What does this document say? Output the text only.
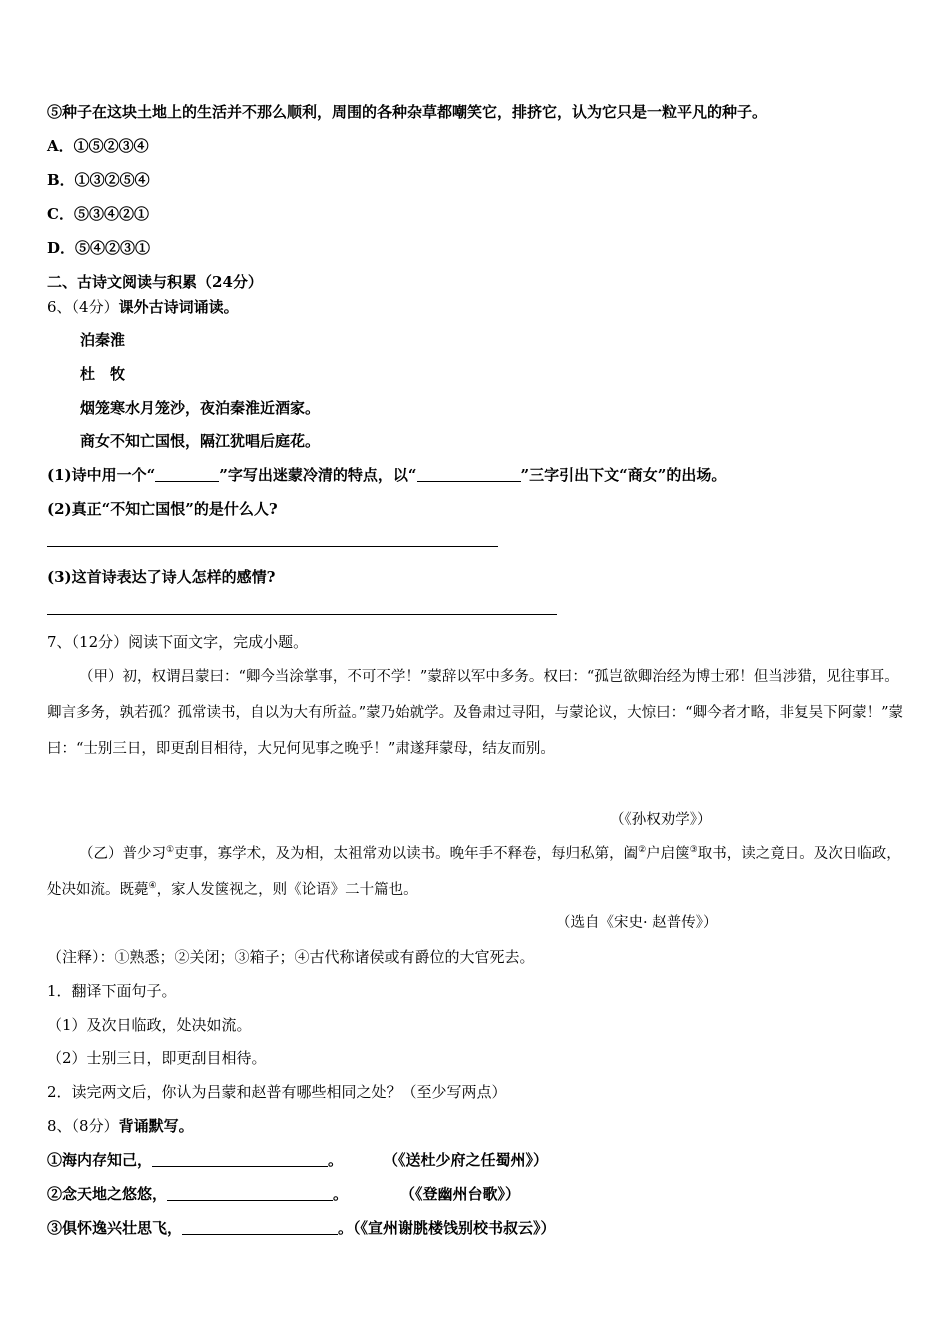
⑤种子在这块土地上的生活并不那么顺利，周围的各种杂草都嘲笑它，排挤它，认为它只是一粒平凡的种子。
A．①⑤②③④
B．①③②⑤④
C．⑤③④②①
D．⑤④②③①
二、古诗文阅读与积累（24分）
6、（4分）课外古诗词诵读。
泊秦淮
杜　牧
烟笼寒水月笼沙，夜泊秦淮近酒家。
商女不知亡国恨，隔江犹唱后庭花。
(1)诗中用一个“	”字写出迷蒙冷清的特点，以“	”三字引出下文“商女”的出场。
(2)真正“不知亡国恨”的是什么人?
(3)这首诗表达了诗人怎样的感情?
7、（12分）阅读下面文字，完成小题。
（甲）初，权谓吕蒙曰：“卿今当涂掌事，不可不学！”蒙辞以军中多务。权曰：“孤岂欲卿治经为博士邪！但当涉猎，见往事耳。卿言多务，孰若孤？孤常读书，自以为大有所益。”蒙乃始就学。及鲁肃过寻阳，与蒙论议，大惊曰：“卿今者才略，非复吴下阿蒙！”蒙曰：“士别三日，即更刮目相待，大兄何见事之晚乎！”肃遂拜蒙母，结友而别。
（《孙权劝学》）
（乙）普少习①吏事，寡学术，及为相，太祖常劝以读书。晚年手不释卷，每归私第，阖②户启箧③取书，读之竟日。及次日临政，处决如流。既薨④，家人发箧视之，则《论语》二十篇也。
（选自《宋史· 赵普传》）
（注释）：①熟悉；②关闭；③箱子；④古代称诸侯或有爵位的大官死去。
1．翻译下面句子。
（1）及次日临政，处决如流。
（2）士别三日，即更刮目相待。
2．读完两文后，你认为吕蒙和赵普有哪些相同之处？（至少写两点）
8、（8分）背诵默写。
①海内存知己，	。	（《送杜少府之任蜀州》）
②念天地之悠悠，	。	（《登幽州台歌》）
③俱怀逸兴壮思飞，	。（《宣州谢朓楼饯别校书叔云》）
